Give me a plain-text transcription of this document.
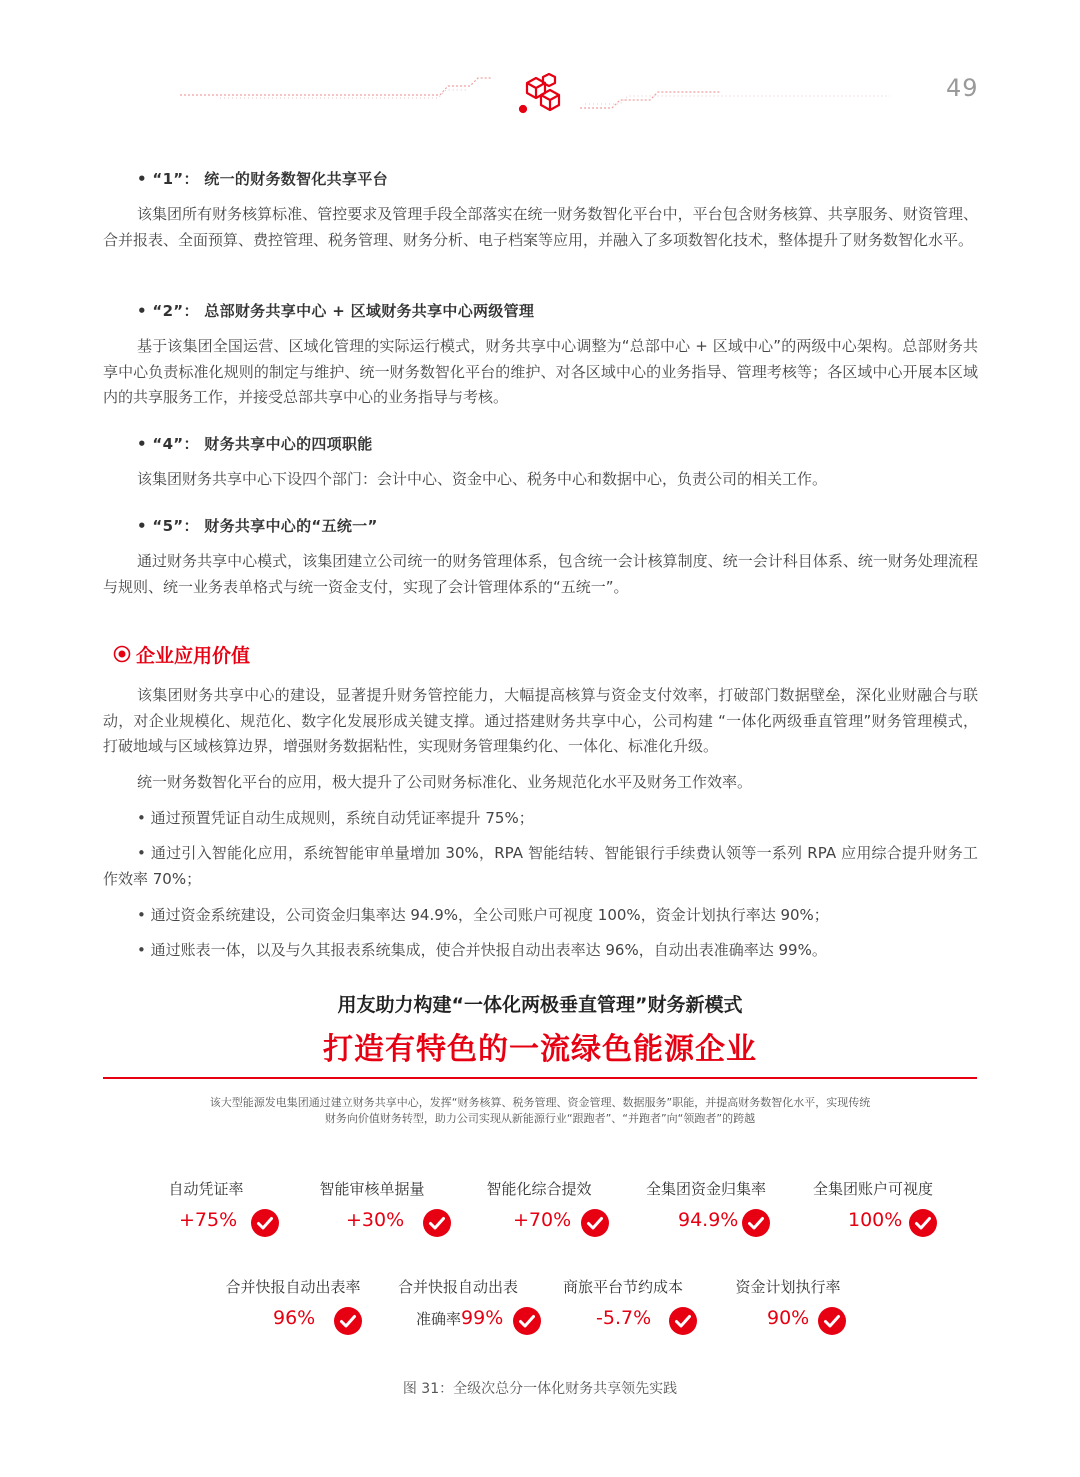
49
• “1”： 统一的财务数智化共享平台
该集团所有财务核算标准、管控要求及管理手段全部落实在统一财务数智化平台中，平台包含财务核算、共享服务、财资管理、合并报表、全面预算、费控管理、税务管理、财务分析、电子档案等应用，并融入了多项数智化技术，整体提升了财务数智化水平。
• “2”： 总部财务共享中心 + 区域财务共享中心两级管理
基于该集团全国运营、区域化管理的实际运行模式，财务共享中心调整为“总部中心 + 区域中心”的两级中心架构。总部财务共享中心负责标准化规则的制定与维护、统一财务数智化平台的维护、对各区域中心的业务指导、管理考核等；各区域中心开展本区域内的共享服务工作，并接受总部共享中心的业务指导与考核。
• “4”： 财务共享中心的四项职能
该集团财务共享中心下设四个部门：会计中心、资金中心、税务中心和数据中心，负责公司的相关工作。
• “5”： 财务共享中心的“五统一”
通过财务共享中心模式，该集团建立公司统一的财务管理体系，包含统一会计核算制度、统一会计科目体系、统一财务处理流程与规则、统一业务表单格式与统一资金支付，实现了会计管理体系的“五统一”。
企业应用价值
该集团财务共享中心的建设，显著提升财务管控能力，大幅提高核算与资金支付效率，打破部门数据壁垒，深化业财融合与联动，对企业规模化、规范化、数字化发展形成关键支撑。通过搭建财务共享中心，公司构建 “一体化两级垂直管理”财务管理模式，打破地域与区域核算边界，增强财务数据粘性，实现财务管理集约化、一体化、标准化升级。
统一财务数智化平台的应用，极大提升了公司财务标准化、业务规范化水平及财务工作效率。
• 通过预置凭证自动生成规则，系统自动凭证率提升 75%；
• 通过引入智能化应用，系统智能审单量增加 30%，RPA 智能结转、智能银行手续费认领等一系列 RPA 应用综合提升财务工作效率 70%；
• 通过资金系统建设，公司资金归集率达 94.9%，全公司账户可视度 100%，资金计划执行率达 90%；
• 通过账表一体，以及与久其报表系统集成，使合并快报自动出表率达 96%，自动出表准确率达 99%。
用友助力构建“一体化两极垂直管理”财务新模式
打造有特色的一流绿色能源企业
该大型能源发电集团通过建立财务共享中心，发挥“财务核算、税务管理、资金管理、数据服务”职能，并提高财务数智化水平，实现传统
财务向价值财务转型，助力公司实现从新能源行业“跟跑者”、“并跑者”向“领跑者”的跨越
自动凭证率
+75%
智能审核单据量
+30%
智能化综合提效
+70%
全集团资金归集率
94.9%
全集团账户可视度
100%
合并快报自动出表率
96%
合并快报自动出表
准确率99%
商旅平台节约成本
-5.7%
资金计划执行率
90%
图 31：全级次总分一体化财务共享领先实践
